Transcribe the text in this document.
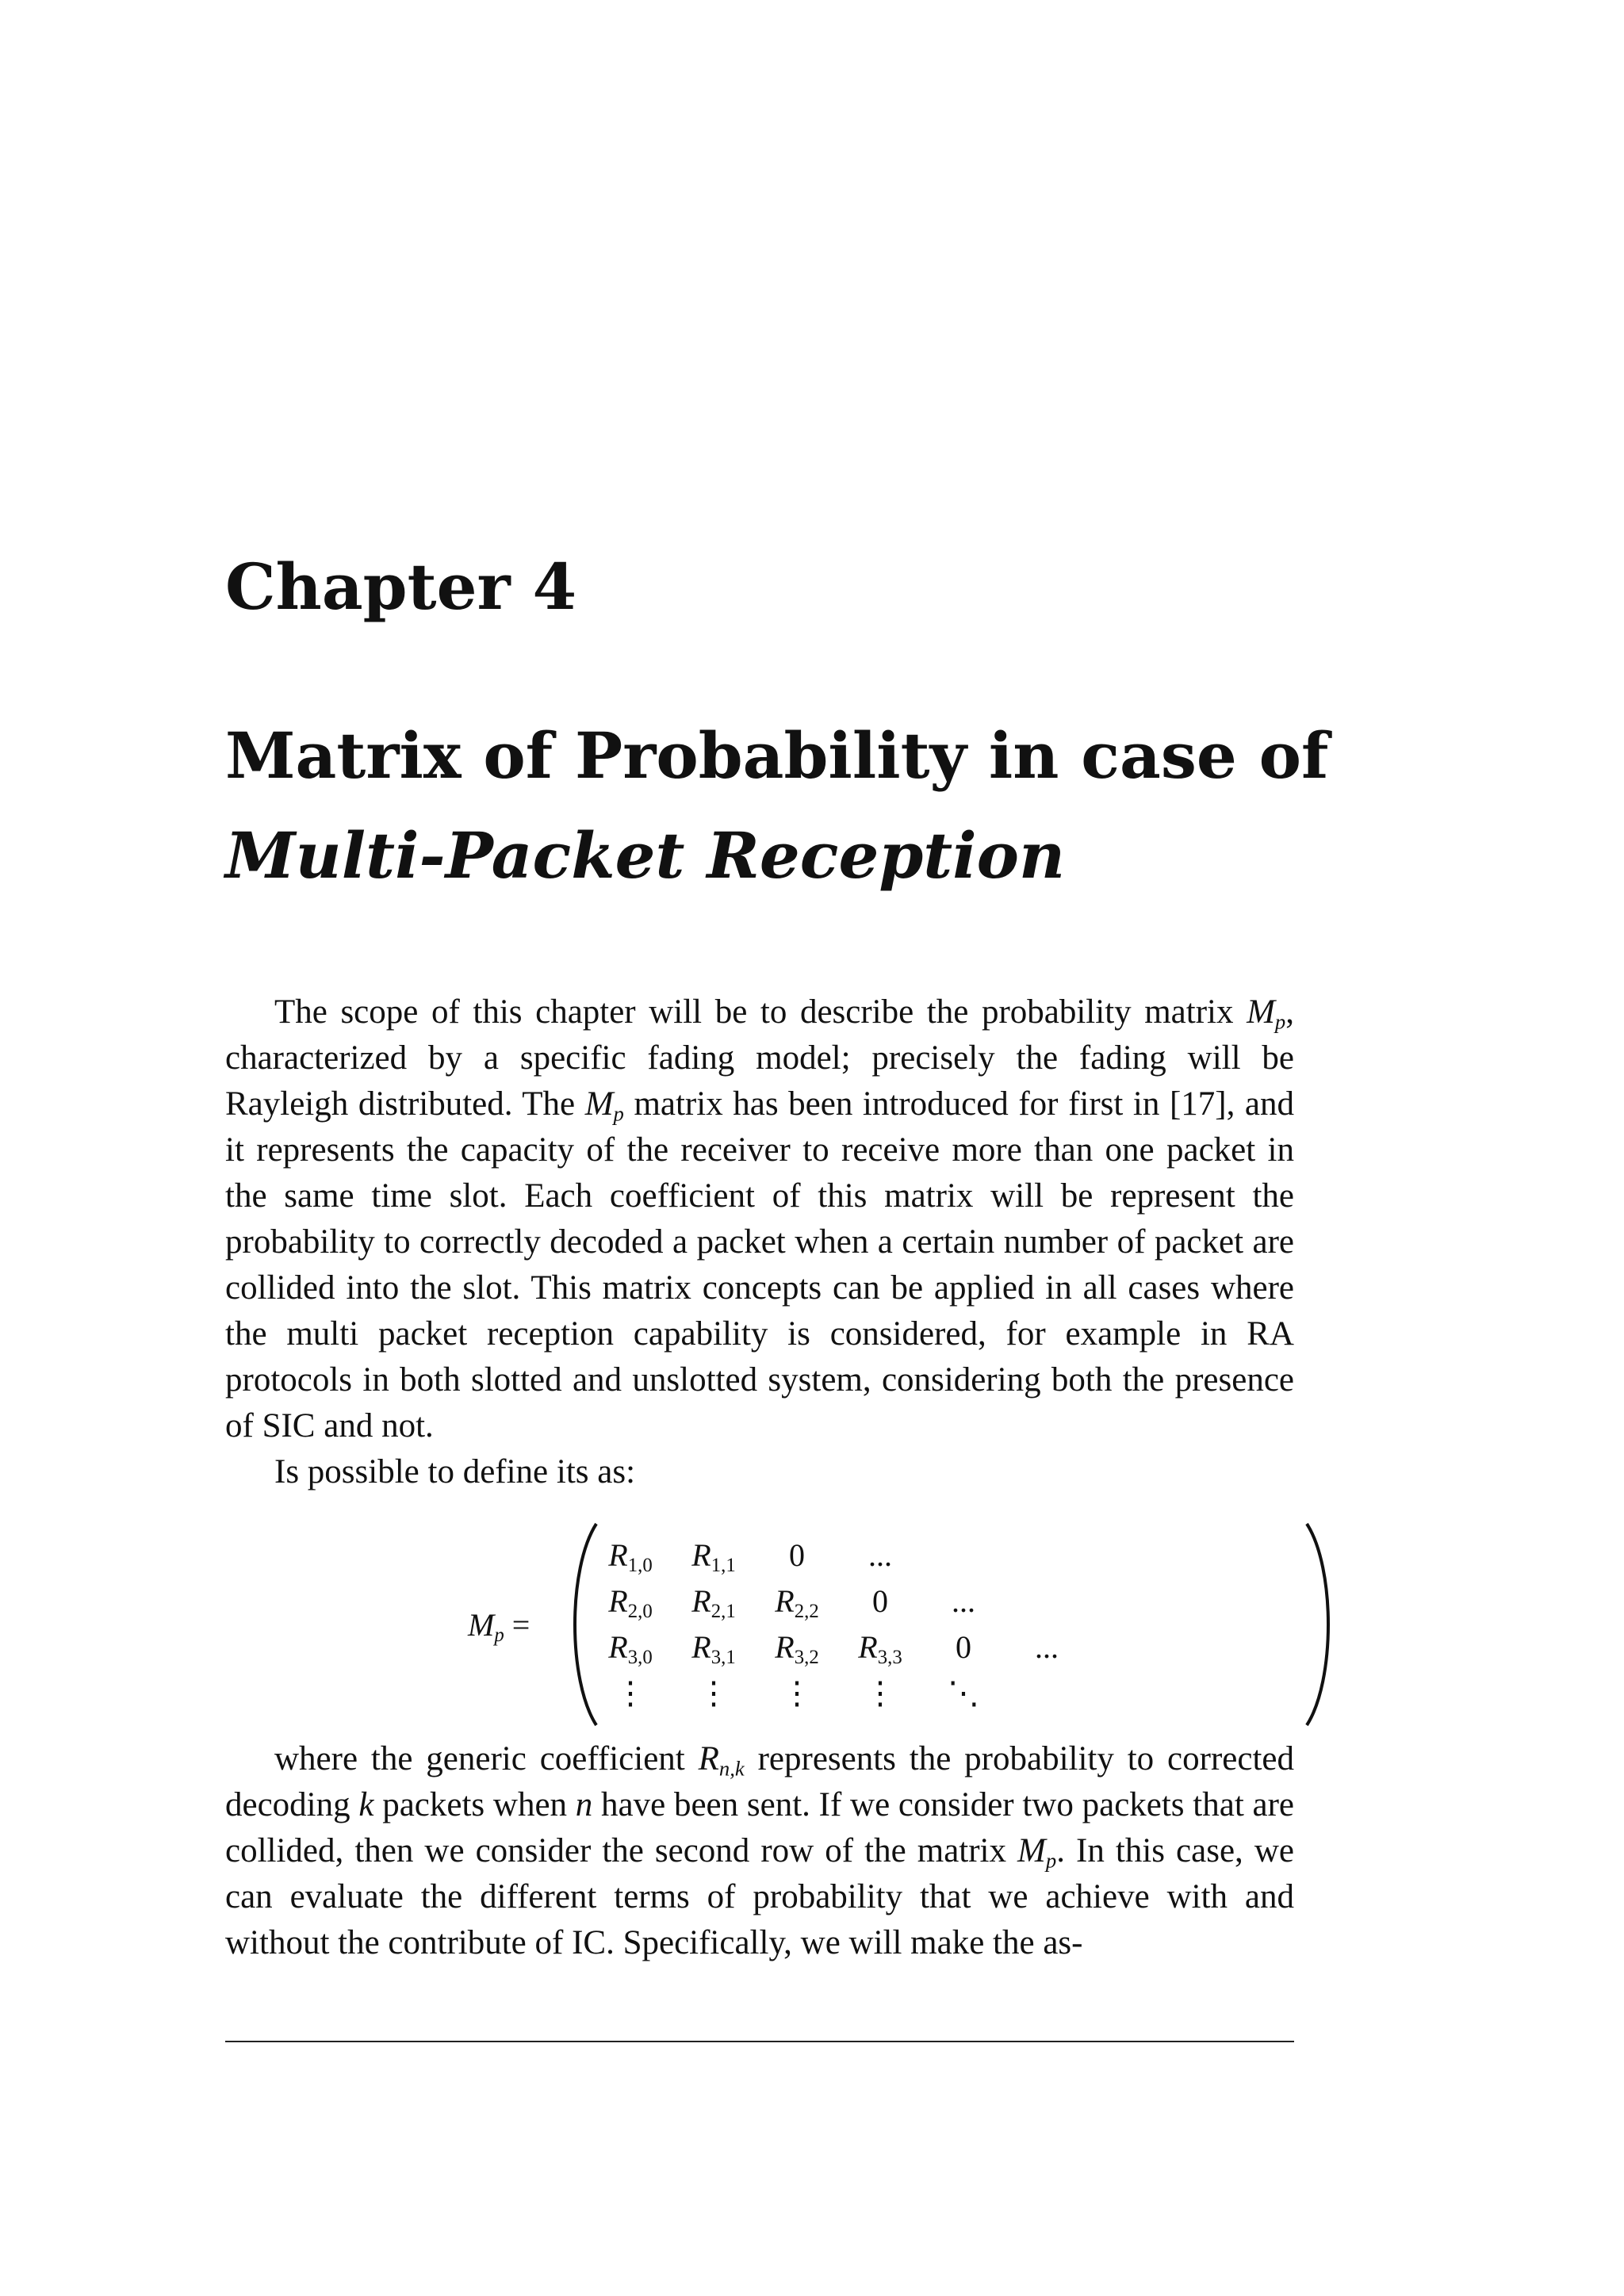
Chapter 4
Matrix of Probability in case of
Multi-Packet Reception

The scope of this chapter will be to describe the probability matrix $M_p$, characterized by a specific fading model; precisely the fading will be Rayleigh distributed. The $M_p$ matrix has been introduced for first in [17], and it represents the capacity of the receiver to receive more than one packet in the same time slot. Each coefficient of this matrix will be represent the probability to correctly decoded a packet when a certain number of packet are collided into the slot. This matrix concepts can be applied in all cases where the multi packet reception capability is considered, for example in RA protocols in both slotted and unslotted system, considering both the presence of SIC and not.

Is possible to define its as:

$M_p$ =
$R_{1,0}$	$R_{1,1}$	0	...
$R_{2,0}$	$R_{2,1}$	$R_{2,2}$	0	...
$R_{3,0}$	$R_{3,1}$	$R_{3,2}$	$R_{3,3}$	0	...
⋮	⋮	⋮	⋮	⋱

where the generic coefficient $R_{n,k}$ represents the probability to corrected decoding k packets when n have been sent. If we consider two packets that are collided, then we consider the second row of the matrix $M_p$. In this case, we can evaluate the different terms of probability that we achieve with and without the contribute of IC. Specifically, we will make the as-
